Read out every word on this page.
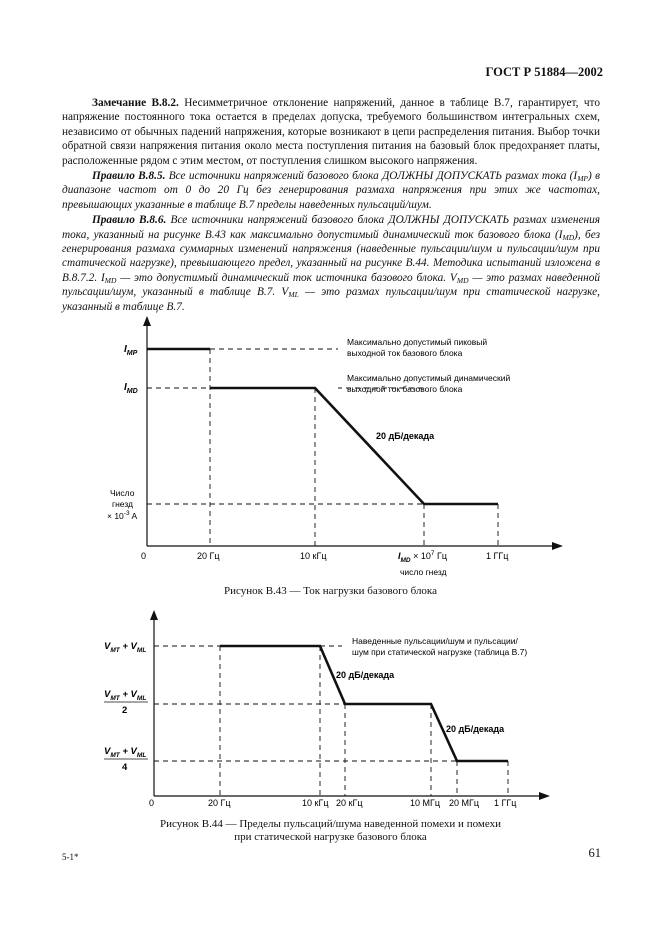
ГОСТ Р 51884—2002

Замечание В.8.2. Несимметричное отклонение напряжений, данное в таблице В.7, гарантирует, что напряжение постоянного тока остается в пределах допуска, требуемого большинством интегральных схем, независимо от обычных падений напряжения, которые возникают в цепи распределения питания. Выбор точки обратной связи напряжения питания около места поступления питания на базовый блок предохраняет платы, расположенные рядом с этим местом, от поступления слишком высокого напряжения.

Правило В.8.5. Все источники напряжений базового блока ДОЛЖНЫ ДОПУСКАТЬ размах тока $(I_{MP})$ в диапазоне частот от 0 до 20 Гц без генерирования размаха напряжения при этих же частотах, превышающих указанные в таблице В.7 пределы наведенных пульсаций/шум.

Правило В.8.6. Все источники напряжений базового блока ДОЛЖНЫ ДОПУСКАТЬ размах изменения тока, указанный на рисунке В.43 как максимально допустимый динамический ток базового блока $(I_{MD})$, без генерирования размаха суммарных изменений напряжения (наведенные пульсации/шум и пульсации/шум при статической нагрузке), превышающего предел, указанный на рисунке В.44. Методика испытаний изложена в В.8.7.2. $I_{MD}$ — это допустимый динамический ток источника базового блока. $V_{MD}$ — это размах наведенной пульсации/шум, указанный в таблице В.7. $V_{ML}$ — это размах пульсации/шум при статической нагрузке, указанный в таблице В.7.

$I_{MP}$
$I_{MD}$
Число
гнезд
× $10^{-3}$ A
0	20 Гц	10 кГц	$I_{MD} \times 10^7$ Гц
число гнезд
1 ГГц
Максимально допустимый пиковый
выходной ток базового блока
Максимально допустимый динамический
выходной ток базового блока
20 дБ/декада
$V_{MT} + V_{ML}$
$V_{MT} + V_{ML}$
2
$V_{MT} + V_{ML}$
4
0	20 Гц	10 кГц 20 кГц	10 МГц 20 МГц 1 ГГц
Наведенные пульсации/шум и пульсации/
шум при статической нагрузке (таблица В.7)
20 дБ/декада
20 дБ/декада
Рисунок В.43 — Ток нагрузки базового блока
Рисунок В.44 — Пределы пульсаций/шума наведенной помехи и помехи
при статической нагрузке базового блока
5-1*	61
